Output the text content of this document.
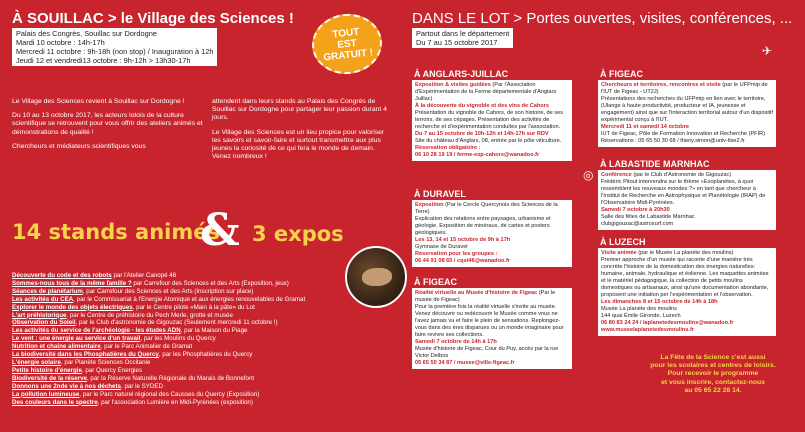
À SOUILLAC > le Village des Sciences !
Palais des Congrès, Souillac sur Dordogne
Mardi 10 octobre : 14h-17h
Mercredi 11 octobre : 9h-18h (non stop) / Inauguration à 12h
Jeudi 12 et vendredi13 octobre : 9h-12h > 13h30-17h

Le Village des Sciences revient à Souillac sur Dordogne !

Du 10 au 13 octobre 2017, les acteurs lotois de la culture scientifique se retrouvent pour vous offrir des ateliers animés et démonstrations de qualité !

Chercheurs et médiateurs scientifiques vous

attendent dans leurs stands au Palais des Congrès de Souillac sur Dordogne pour partager leur passion durant 4 jours.

Le Village des Sciences est un lieu propice pour valoriser les savoirs et savoir-faire et surtout transmettre aux plus jeunes la curiosité de ce qui fera le monde de demain. Venez nombreux !

14 stands animés
& 3 expos
Découverte du code et des robots par l'Atelier Canopé 46
Sommes-nous tous de la même famille ? par Carrefour des Sciences et des Arts (Exposition, jeux)
Séances de planétarium, par Carrefour des Sciences et des Arts (Inscription sur place)
Les activités du CEA, par le Commissariat à l'Énergie Atomique et aux énergies renouvelables de Gramat
Explorer le monde des objets électriques, par le Centre pilote «Main à la pâte» du Lot
L'art préhistorique, par le Centre de préhistoire du Pech Merle, grotte et musée
Observation du Soleil, par le Club d'astronomie de Gigouzac (Seulement mercredi 11 octobre !)
Les activités du service de l'archéologie - les études ADN, par la Maison du Piage
Le vent : une énergie au service d'un travail, par les Moulins du Quercy
Nutrition et chaîne alimentaire, par le Parc Animalier de Gramat
La biodiversité dans les Phosphatières du Quercy, par les Phosphatières du Quercy
L'énergie solaire, par Planète Sciences Occitanie
Petite histoire d'énergie, par Quercy Énergies
Biodiversité de la réserve, par la Réserve Naturelle Régionale du Marais de Bonnefont
Donnons une 2nde vie à nos déchets, par le SYDED
La pollution lumineuse, par le Parc naturel régional des Causses du Quercy (Exposition)
Des couleurs dans le spectre, par l'association Lumière en Midi-Pyrénées (exposition)
TOUT
EST
GRATUIT !
DANS LE LOT > Portes ouvertes, visites, conférences, ...
Partout dans le département
Du 7 au 15 octobre 2017
✈
◎
À ANGLARS-JUILLAC
Exposition & visites guidées (Par l'Association d'Expérimentation de la Ferme départementale d'Anglars Juillac)
À la découverte du vignoble et des vins de Cahors
Présentation du vignoble de Cahors, de son histoire, de ses terroirs, de ses cépages. Présentation des activités de recherche et d'expérimentation conduites par l'association.
Du 7 au 15 octobre de 10h-12h et 14h-17h sur RDV
Site du château d'Anglars, 08, entrée par le pôle viticulture.
Réservation obligatoire :
06 10 28 19 19 / ferme-exp-cahors@wanadoo.fr
À DURAVEL
Exposition (Par le Cercle Quercynois des Sciences de la Terre)
Explication des relations entre paysages, urbanisme et géologie. Exposition de minéraux, de cartes et posters géologiques.
Les 13, 14 et 15 octobre de 9h à 17h
Gymnase de Duravel
Réservation pour les groupes :
06 44 91 08 65 / cqst46@wanadoo.fr
À FIGEAC
Réalité virtuelle au Musée d'histoire de Figeac (Par le musée de Figeac)
Pour la première fois la réalité virtuelle s'invite au musée. Venez découvrir ou redécouvrir le Musée comme vous ne l'avez jamais vu et faire le plein de sensations. Replongez-vous dans des ères disparues ou un monde imaginaire pour faire revivre ses collections.
Samedi 7 octobre de 14h à 17h
Musée d'histoire de Figeac, Cour du Puy, accès par la rue Victor Delbos
05 65 50 34 87 / musee@ville-figeac.fr
À FIGEAC
Chercheurs et territoires, rencontres et visite (par le UFPmip de l'IUT de Figeac - UT2J)
Présentations des recherches du UFPmip en lien avec le territoire, (Ulange à haute productivité, producteur et IA, jeunesse et engagement) ainsi que sur l'interaction territorial autour d'un dispositif expérimental conçu à l'IUT.
Mercredi 11 et samedi 14 octobre
IUT de Figeac, Pôle de Formation Innovation et Recherche (PFIR)
Réservations : 05 65 50 30 68 / thiery.simon@univ-tlse2.fr
À LABASTIDE MARNHAC
Conférence (par le Club d'Astronomie de Gigouzac)
Frédéric Pitout intervendra sur le thème «Exoplanètes, à quoi ressemblent les nouveaux mondes ?» en tant que chercheur à l'Institut de Recherche en Astrophysique et Planétologie (IRAP) de l'Observatoire Midi-Pyrénées.
Samedi 7 octobre à 20h30
Salle des fêtes de Labastide Marnhac
clubgigouzac@astrosurf.com
À LUZECH
Visite animée (par le Musée La planète des moulins)
Premier approche d'un musée qui raconte d'une manière très concrète l'histoire de la domestication des énergies naturelles: humaine, animale, hydraulique et éolienne. Les maquettes animées et le matériel pédagogique, la collection de petits moulins domestiques ou artisanaux, ainsi qu'une documentation abondante, proposent une initiation per l'expérimentation et l'observation.
Les dimanches 8 et 15 octobre de 14h à 18h
Musée La planète des moulins
144 quai Émile Gironde, Luzech
06 80 83 24 24 / laplanetedesmoulins@wanadoo.fr
www.museelaplanetedesmoulins.fr
La Fête de la Science c'est aussi
pour les scolaires et centres de loisirs.
Pour recevoir le programme
et vous inscrire, contactez-nous
au 05 65 22 28 14.
